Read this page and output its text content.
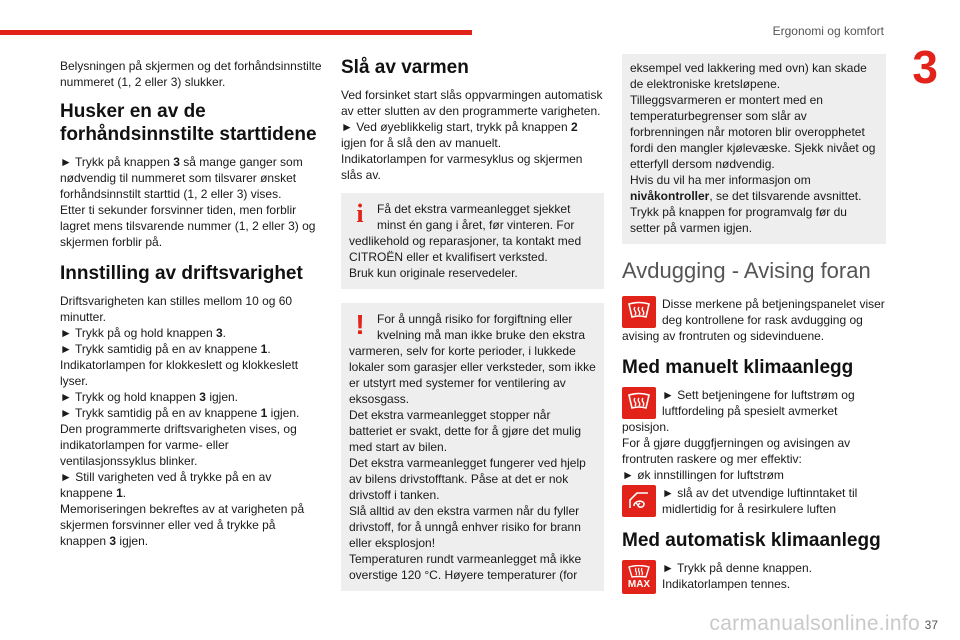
Ergonomi og komfort
3

Belysningen på skjermen og det forhåndsinnstilte nummeret (1, 2 eller 3) slukker.

Husker en av de forhåndsinnstilte starttidene

► Trykk på knappen 3 så mange ganger som nødvendig til nummeret som tilsvarer ønsket forhåndsinnstilt starttid (1, 2 eller 3) vises.

Etter ti sekunder forsvinner tiden, men forblir lagret mens tilsvarende nummer (1, 2 eller 3) og skjermen forblir på.

Innstilling av driftsvarighet

Driftsvarigheten kan stilles mellom 10 og 60 minutter.

► Trykk på og hold knappen 3.

► Trykk samtidig på en av knappene 1.

Indikatorlampen for klokkeslett og klokkeslett lyser.

► Trykk og hold knappen 3 igjen.

► Trykk samtidig på en av knappene 1 igjen.

Den programmerte driftsvarigheten vises, og indikatorlampen for varme- eller ventilasjonssyklus blinker.

► Still varigheten ved å trykke på en av knappene 1.

Memoriseringen bekreftes av at varigheten på skjermen forsvinner eller ved å trykke på knappen 3 igjen.

Slå av varmen

Ved forsinket start slås oppvarmingen automatisk av etter slutten av den programmerte varigheten.

► Ved øyeblikkelig start, trykk på knappen 2 igjen for å slå den av manuelt.

Indikatorlampen for varmesyklus og skjermen slås av.

i	Få det ekstra varmeanlegget sjekket minst én gang i året, før vinteren. For vedlikehold og reparasjoner, ta kontakt med CITROËN eller et kvalifisert verksted.

Bruk kun originale reservedeler.

!	For å unngå risiko for forgiftning eller kvelning må man ikke bruke den ekstra varmeren, selv for korte perioder, i lukkede lokaler som garasjer eller verksteder, som ikke er utstyrt med systemer for ventilering av eksosgass.

Det ekstra varmeanlegget stopper når batteriet er svakt, dette for å gjøre det mulig med start av bilen.

Det ekstra varmeanlegget fungerer ved hjelp av bilens drivstofftank. Påse at det er nok drivstoff i tanken.

Slå alltid av den ekstra varmen når du fyller drivstoff, for å unngå enhver risiko for brann eller eksplosjon!

Temperaturen rundt varmeanlegget må ikke overstige 120 °C. Høyere temperaturer (for

eksempel ved lakkering med ovn) kan skade de elektroniske kretsløpene.

Tilleggsvarmeren er montert med en temperaturbegrenser som slår av forbrenningen når motoren blir overopphetet fordi den mangler kjølevæske. Sjekk nivået og etterfyll dersom nødvendig.

Hvis du vil ha mer informasjon om nivåkontroller, se det tilsvarende avsnittet.

Trykk på knappen for programvalg før du setter på varmen igjen.

Avdugging - Avising foran

Disse merkene på betjeningspanelet viser deg kontrollene for rask avdugging og avising av frontruten og sidevinduene.

Med manuelt klimaanlegg

► Sett betjeningene for luftstrøm og luftfordeling på spesielt avmerket posisjon.

For å gjøre duggfjerningen og avisingen av frontruten raskere og mer effektiv:

► øk innstillingen for luftstrøm

► slå av det utvendige luftinntaket til midlertidig for å resirkulere luften

Med automatisk klimaanlegg
MAX

► Trykk på denne knappen.

Indikatorlampen tennes.

carmanualsonline.info 37
